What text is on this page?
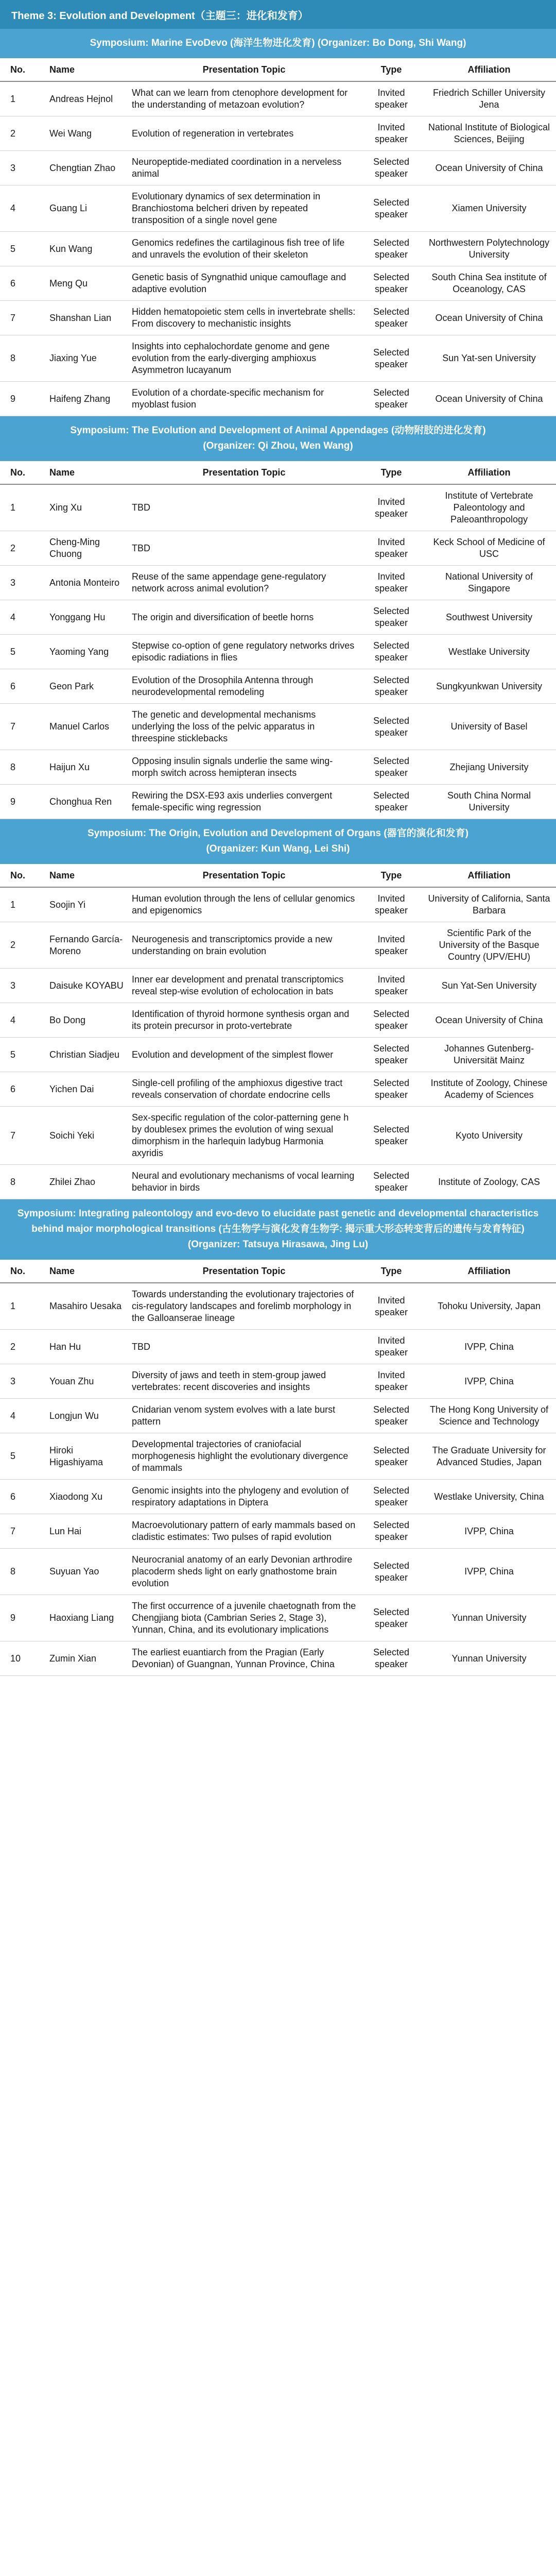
Theme 3: Evolution and Development（主题三：进化和发育）
Symposium: Marine EvoDevo (海洋生物进化发育) (Organizer: Bo Dong, Shi Wang)
No.	Name	Presentation Topic	Type	Affiliation
1	Andreas Hejnol	What can we learn from ctenophore development for the understanding of metazoan evolution?	Invited speaker	Friedrich Schiller University Jena
2	Wei Wang	Evolution of regeneration in vertebrates	Invited speaker	National Institute of Biological Sciences, Beijing
3	Chengtian Zhao	Neuropeptide-mediated coordination in a nerveless animal	Selected speaker	Ocean University of China
4	Guang Li	Evolutionary dynamics of sex determination in Branchiostoma belcheri driven by repeated transposition of a single novel gene	Selected speaker	Xiamen University
5	Kun Wang	Genomics redefines the cartilaginous fish tree of life and unravels the evolution of their skeleton	Selected speaker	Northwestern Polytechnology University
6	Meng Qu	Genetic basis of Syngnathid unique camouflage and adaptive evolution	Selected speaker	South China Sea institute of Oceanology, CAS
7	Shanshan Lian	Hidden hematopoietic stem cells in invertebrate shells: From discovery to mechanistic insights	Selected speaker	Ocean University of China
8	Jiaxing Yue	Insights into cephalochordate genome and gene evolution from the early-diverging amphioxus Asymmetron lucayanum	Selected speaker	Sun Yat-sen University
9	Haifeng Zhang	Evolution of a chordate-specific mechanism for myoblast fusion	Selected speaker	Ocean University of China
Symposium: The Evolution and Development of Animal Appendages (动物附肢的进化发育)
(Organizer: Qi Zhou, Wen Wang)
No.	Name	Presentation Topic	Type	Affiliation
1	Xing Xu	TBD	Invited speaker	Institute of Vertebrate Paleontology and Paleoanthropology
2	Cheng-Ming Chuong	TBD	Invited speaker	Keck School of Medicine of USC
3	Antonia Monteiro	Reuse of the same appendage gene-regulatory network across animal evolution?	Invited speaker	National University of Singapore
4	Yonggang Hu	The origin and diversification of beetle horns	Selected speaker	Southwest University
5	Yaoming Yang	Stepwise co-option of gene regulatory networks drives episodic radiations in flies	Selected speaker	Westlake University
6	Geon Park	Evolution of the Drosophila Antenna through neurodevelopmental remodeling	Selected speaker	Sungkyunkwan University
7	Manuel Carlos	The genetic and developmental mechanisms underlying the loss of the pelvic apparatus in threespine sticklebacks	Selected speaker	University of Basel
8	Haijun Xu	Opposing insulin signals underlie the same wing-morph switch across hemipteran insects	Selected speaker	Zhejiang University
9	Chonghua Ren	Rewiring the DSX-E93 axis underlies convergent female-specific wing regression	Selected speaker	South China Normal University
Symposium: The Origin, Evolution and Development of Organs (器官的演化和发育)
(Organizer: Kun Wang, Lei Shi)
No.	Name	Presentation Topic	Type	Affiliation
1	Soojin Yi	Human evolution through the lens of cellular genomics and epigenomics	Invited speaker	University of California, Santa Barbara
2	Fernando García-Moreno	Neurogenesis and transcriptomics provide a new understanding on brain evolution	Invited speaker	Scientific Park of the University of the Basque Country (UPV/EHU)
3	Daisuke KOYABU	Inner ear development and prenatal transcriptomics reveal step-wise evolution of echolocation in bats	Invited speaker	Sun Yat-Sen University
4	Bo Dong	Identification of thyroid hormone synthesis organ and its protein precursor in proto-vertebrate	Selected speaker	Ocean University of China
5	Christian Siadjeu	Evolution and development of the simplest flower	Selected speaker	Johannes Gutenberg-Universität Mainz
6	Yichen Dai	Single-cell profiling of the amphioxus digestive tract reveals conservation of chordate endocrine cells	Selected speaker	Institute of Zoology, Chinese Academy of Sciences
7	Soichi Yeki	Sex-specific regulation of the color-patterning gene h by doublesex primes the evolution of wing sexual dimorphism in the harlequin ladybug Harmonia axyridis	Selected speaker	Kyoto University
8	Zhilei Zhao	Neural and evolutionary mechanisms of vocal learning behavior in birds	Selected speaker	Institute of Zoology, CAS
Symposium: Integrating paleontology and evo-devo to elucidate past genetic and developmental characteristics behind major morphological transitions (古生物学与演化发育生物学: 揭示重大形态转变背后的遗传与发育特征) (Organizer: Tatsuya Hirasawa, Jing Lu)
No.	Name	Presentation Topic	Type	Affiliation
1	Masahiro Uesaka	Towards understanding the evolutionary trajectories of cis-regulatory landscapes and forelimb morphology in the Galloanserae lineage	Invited speaker	Tohoku University, Japan
2	Han Hu	TBD	Invited speaker	IVPP, China
3	Youan Zhu	Diversity of jaws and teeth in stem-group jawed vertebrates: recent discoveries and insights	Invited speaker	IVPP, China
4	Longjun Wu	Cnidarian venom system evolves with a late burst pattern	Selected speaker	The Hong Kong University of Science and Technology
5	Hiroki Higashiyama	Developmental trajectories of craniofacial morphogenesis highlight the evolutionary divergence of mammals	Selected speaker	The Graduate University for Advanced Studies, Japan
6	Xiaodong Xu	Genomic insights into the phylogeny and evolution of respiratory adaptations in Diptera	Selected speaker	Westlake University, China
7	Lun Hai	Macroevolutionary pattern of early mammals based on cladistic estimates: Two pulses of rapid evolution	Selected speaker	IVPP, China
8	Suyuan Yao	Neurocranial anatomy of an early Devonian arthrodire placoderm sheds light on early gnathostome brain evolution	Selected speaker	IVPP, China
9	Haoxiang Liang	The first occurrence of a juvenile chaetognath from the Chengjiang biota (Cambrian Series 2, Stage 3), Yunnan, China, and its evolutionary implications	Selected speaker	Yunnan University
10	Zumin Xian	The earliest euantiarch from the Pragian (Early Devonian) of Guangnan, Yunnan Province, China	Selected speaker	Yunnan University
